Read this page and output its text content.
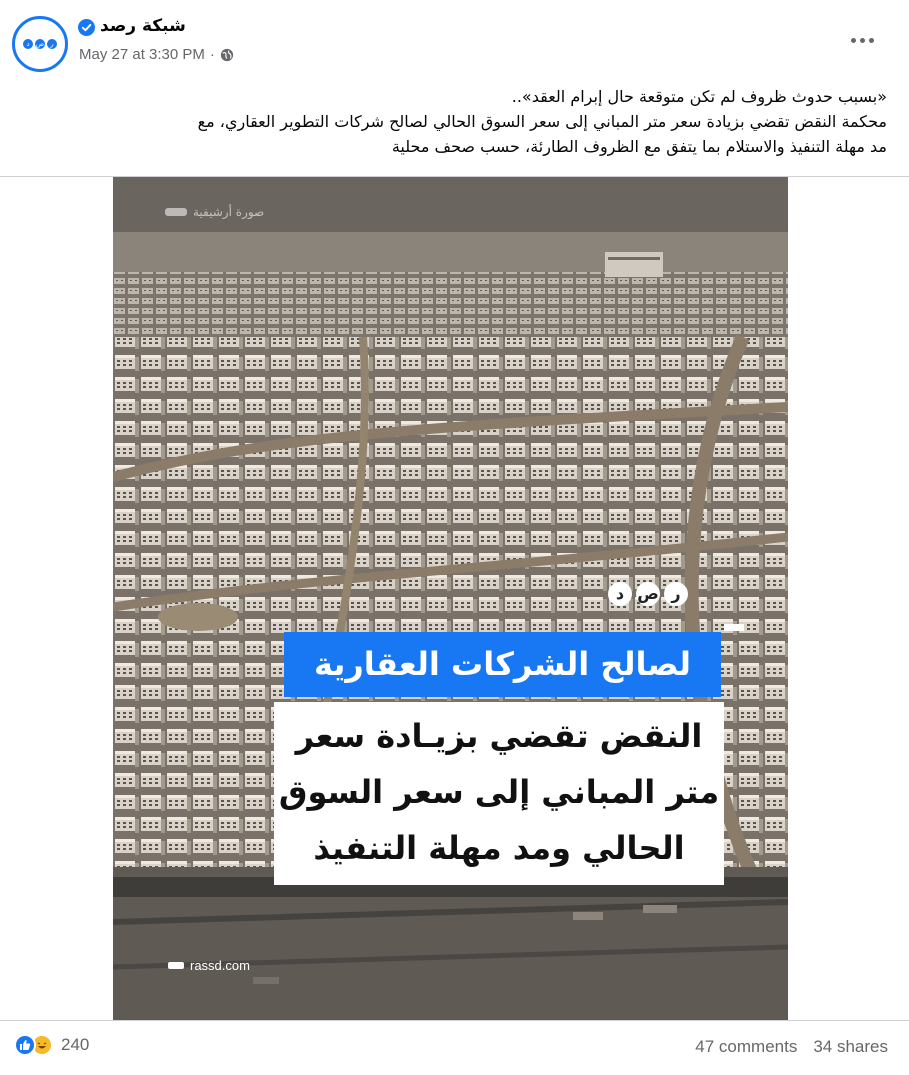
د ص ر
شبكة رصد
May 27 at 3:30 PM ·

«بسبب حدوث ظروف لم تكن متوقعة حال إبرام العقد»..

محكمة النقض تقضي بزيادة سعر متر المباني إلى سعر السوق الحالي لصالح شركات التطوير العقاري، مع

مد مهلة التنفيذ والاستلام بما يتفق مع الظروف الطارئة، حسب صحف محلية

صورة أرشيفية
د ص ر
لصالح الشركات العقارية
النقض تقضي بزيـادة سعر
متر المباني إلى سعر السوق
الحالي ومد مهلة التنفيذ
rassd.com
240	47 comments 34 shares
